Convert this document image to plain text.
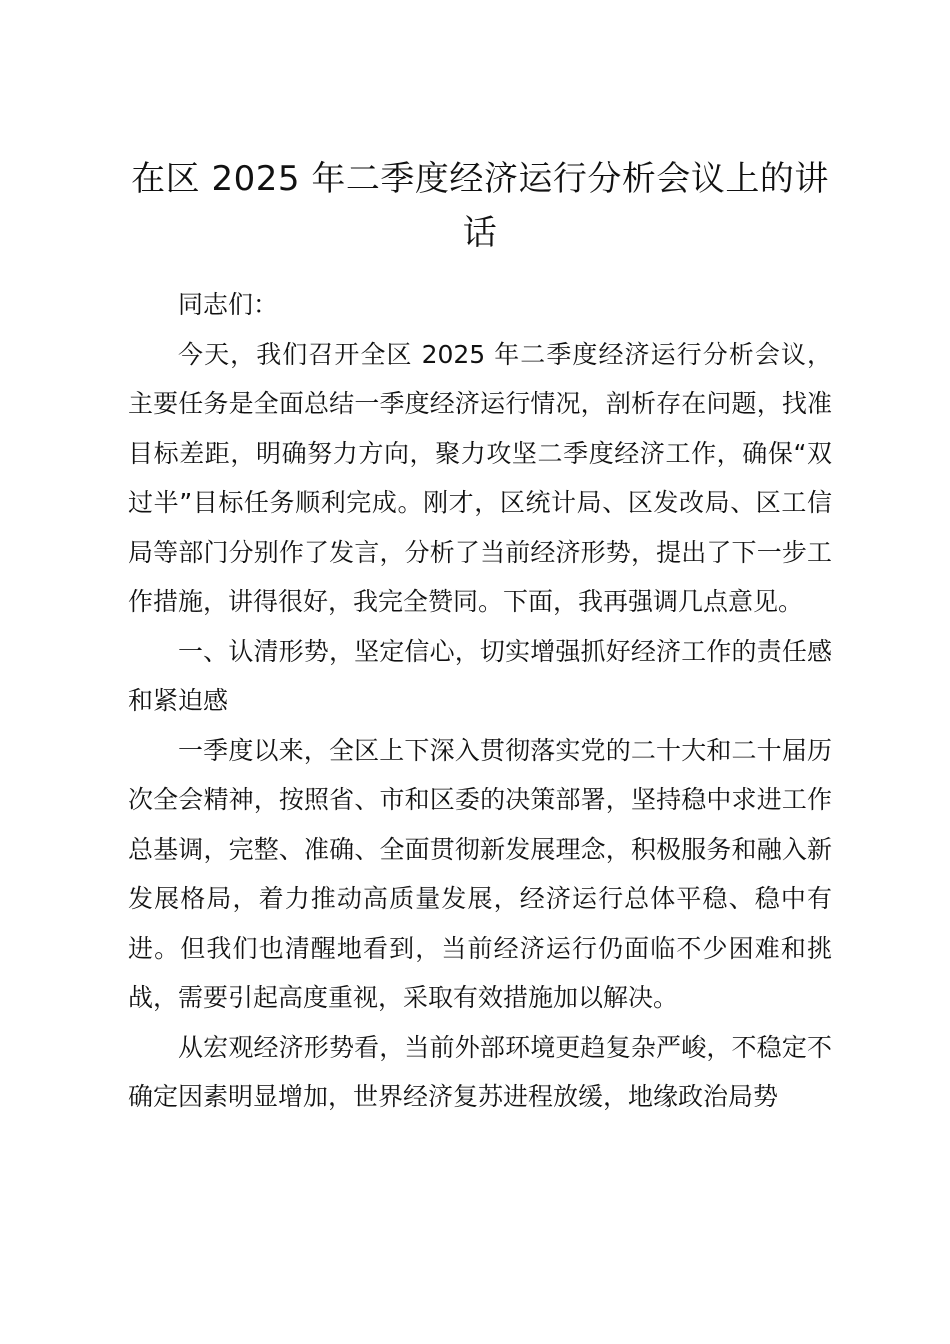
在区 2025 年二季度经济运行分析会议上的讲话

同志们：

今天，我们召开全区 2025 年二季度经济运行分析会议，主要任务是全面总结一季度经济运行情况，剖析存在问题，找准目标差距，明确努力方向，聚力攻坚二季度经济工作，确保“双过半”目标任务顺利完成。刚才，区统计局、区发改局、区工信局等部门分别作了发言，分析了当前经济形势，提出了下一步工作措施，讲得很好，我完全赞同。下面，我再强调几点意见。

一、认清形势，坚定信心，切实增强抓好经济工作的责任感和紧迫感

一季度以来，全区上下深入贯彻落实党的二十大和二十届历次全会精神，按照省、市和区委的决策部署，坚持稳中求进工作总基调，完整、准确、全面贯彻新发展理念，积极服务和融入新发展格局，着力推动高质量发展，经济运行总体平稳、稳中有进。但我们也清醒地看到，当前经济运行仍面临不少困难和挑战，需要引起高度重视，采取有效措施加以解决。

从宏观经济形势看，当前外部环境更趋复杂严峻，不稳定不确定因素明显增加，世界经济复苏进程放缓，地缘政治局势
